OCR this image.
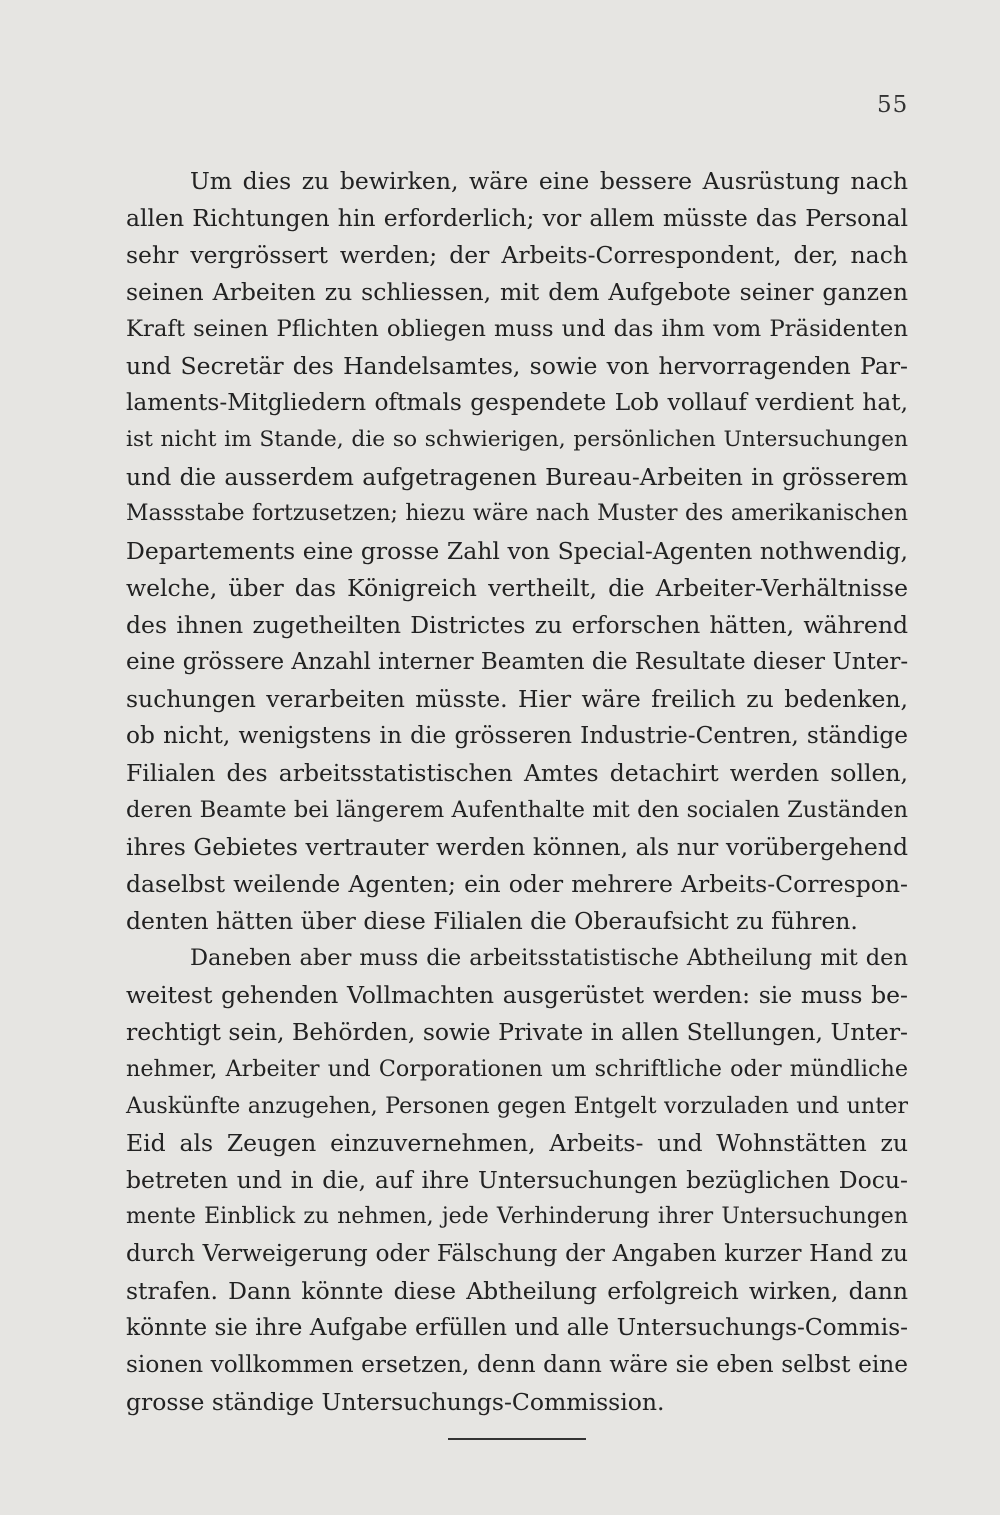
55
Um dies zu bewirken, wäre eine bessere Ausrüstung nach
allen Richtungen hin erforderlich; vor allem müsste das Personal
sehr vergrössert werden; der Arbeits-Correspondent, der, nach
seinen Arbeiten zu schliessen, mit dem Aufgebote seiner ganzen
Kraft seinen Pflichten obliegen muss und das ihm vom Präsidenten
und Secretär des Handelsamtes, sowie von hervorragenden Par-
laments-Mitgliedern oftmals gespendete Lob vollauf verdient hat,
ist nicht im Stande, die so schwierigen, persönlichen Untersuchungen
und die ausserdem aufgetragenen Bureau-Arbeiten in grösserem
Massstabe fortzusetzen; hiezu wäre nach Muster des amerikanischen
Departements eine grosse Zahl von Special-Agenten nothwendig,
welche, über das Königreich vertheilt, die Arbeiter-Verhältnisse
des ihnen zugetheilten Districtes zu erforschen hätten, während
eine grössere Anzahl interner Beamten die Resultate dieser Unter-
suchungen verarbeiten müsste. Hier wäre freilich zu bedenken,
ob nicht, wenigstens in die grösseren Industrie-Centren, ständige
Filialen des arbeitsstatistischen Amtes detachirt werden sollen,
deren Beamte bei längerem Aufenthalte mit den socialen Zuständen
ihres Gebietes vertrauter werden können, als nur vorübergehend
daselbst weilende Agenten; ein oder mehrere Arbeits-Correspon-
denten hätten über diese Filialen die Oberaufsicht zu führen.
Daneben aber muss die arbeitsstatistische Abtheilung mit den
weitest gehenden Vollmachten ausgerüstet werden: sie muss be-
rechtigt sein, Behörden, sowie Private in allen Stellungen, Unter-
nehmer, Arbeiter und Corporationen um schriftliche oder mündliche
Auskünfte anzugehen, Personen gegen Entgelt vorzuladen und unter
Eid als Zeugen einzuvernehmen, Arbeits- und Wohnstätten zu
betreten und in die, auf ihre Untersuchungen bezüglichen Docu-
mente Einblick zu nehmen, jede Verhinderung ihrer Untersuchungen
durch Verweigerung oder Fälschung der Angaben kurzer Hand zu
strafen. Dann könnte diese Abtheilung erfolgreich wirken, dann
könnte sie ihre Aufgabe erfüllen und alle Untersuchungs-Commis-
sionen vollkommen ersetzen, denn dann wäre sie eben selbst eine
grosse ständige Untersuchungs-Commission.
